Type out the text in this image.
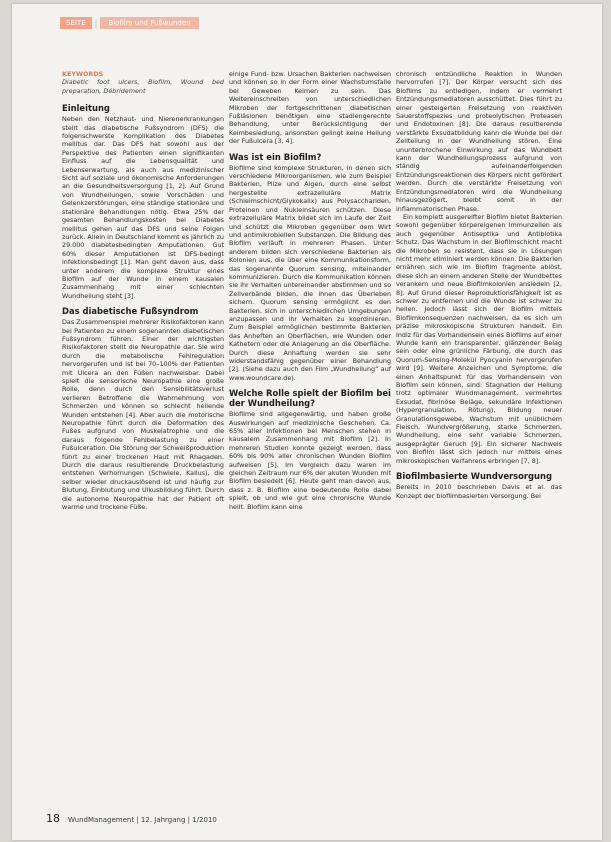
SEITE	|	Biofilm und Fußwunden
KEYWORDS
Diabetic foot ulcers, Biofilm, Wound bed preparation, Débridement
Einleitung

Neben den Netzhaut- und Nierenerkrankungen stellt das diabetische Fußsyndrom (DFS) die folgenschwerste Komplikation des Diabetes mellitus dar. Das DFS hat sowohl aus der Perspektive des Patienten einen signifikanten Einfluss auf die Lebensqualität und Lebenserwartung, als auch aus medizinischer Sicht auf soziale und ökonomische Anforderungen an die Gesundheitsversorgung [1, 2]. Auf Grund von Wundheilungen, sowie Vorschäden und Gelenkzerstörungen, eine ständige stationäre und stationäre Behandlungen nötig. Etwa 25% der gesamten Behandlungskosten bei Diabetes mellitus gehen auf das DFS und seine Folgen zurück. Allein in Deutschland kommt es jährlich zu 29.000 diabetesbedingten Amputationen. Gut 60% dieser Amputationen ist DFS-bedingt infektionsbedingt [1]. Man geht davon aus, dass unter anderem die komplexe Struktur eines Biofilm auf der Wunde in einem kausalen Zusammenhang mit einer schlechten Wundheilung steht [3].

Das diabetische Fußsyndrom

Das Zusammenspiel mehrerer Risikofaktoren kann bei Patienten zu einem sogenannten diabetischen Fußsyndrom führen. Einer der wichtigsten Risikofaktoren stellt die Neuropathie dar. Sie wird durch die metabolische Fehlregulation hervorgerufen und ist bei 70–100% der Patienten mit Ulcera an den Füßen nachweisbar. Dabei spielt die sensorische Neuropathie eine große Rolle, denn durch den Sensibilitätsverlust verlieren Betroffene die Wahrnehmung von Schmerzen und können so schlecht heilende Wunden entstehen [4]. Aber auch die motorische Neuropathie führt durch die Deformation des Fußes aufgrund von Muskelatrophie und die daraus folgende Fehlbelastung zu einer Fußulceration. Die Störung der Schweißproduktion führt zu einer trockenen Haut mit Rhagaden. Durch die daraus resultierende Druckbelastung entstehen Verhornungen (Schwiele, Kallus), die selber wieder druckauslösend ist und häufig zur Blutung, Einblutung und Ulkusbildung führt. Durch die autonome Neuropathie hat der Patient oft warme und trockene Füße.

einige Fund- bzw. Ursachen Bakterien nachweisen und können so in der Form einer Wachstumsfalle bei Geweben Keimen zu sein. Das Weitereinschreiten von unterschiedlichen Mikroben der fortgeschrittenen diabetischen Fußläsionen benötigen eine stadiengerechte Behandlung, unter Berücksichtigung der Keimbesiedlung, ansonsten gelingt keine Heilung der Fußulcera [3, 4].

Was ist ein Biofilm?

Biofilme sind komplexe Strukturen, in denen sich verschiedene Mikroorganismen, wie zum Beispiel Bakterien, Pilze und Algen, durch eine selbst hergestellte extrazelluläre Matrix (Schleimschicht/Glykokalix) aus Polysacchariden, Proteinen und Nukleinsäuren schützen. Diese extrazelluläre Matrix bildet sich im Laufe der Zeit und schützt die Mikroben gegenüber dem Wirt und antimikrobiellen Substanzen. Die Bildung des Biofilm verläuft in mehreren Phasen. Unter anderem bilden sich verschiedene Bakterien als Kolonien aus, die über eine Kommunikationsform, das sogenannte Quorum sensing, miteinander kommunizieren. Durch die Kommunikation können sie ihr Verhalten untereinander abstimmen und so Zellverbände bilden, die ihnen das Überleben sichern. Quorum sensing ermöglicht es den Bakterien, sich in unterschiedlichen Umgebungen anzupassen und ihr Verhalten zu koordinieren. Zum Beispiel ermöglichen bestimmte Bakterien das Anheften an Oberflächen, wie Wunden oder Kathetern oder die Anlagerung an die Oberfläche. Durch diese Anhaftung werden sie sehr widerstandsfähig gegenüber einer Behandlung [2]. (Siehe dazu auch den Film „Wundheilung“ auf www.woundcare.de).

Welche Rolle spielt der Biofilm bei der Wundheilung?

Biofilme sind allgegenwärtig, und haben große Auswirkungen auf medizinische Geschehen. Ca. 65% aller Infektionen bei Menschen stehen in kausalem Zusammenhang mit Biofilm [2]. In mehreren Studien konnte gezeigt werden, dass 60% bis 90% aller chronischen Wunden Biofilm aufweisen [5]. Im Vergleich dazu waren im gleichen Zeitraum nur 6% der akuten Wunden mit Biofilm besiedelt [6]. Heute geht man davon aus, dass z. B. Biofilm eine bedeutende Rolle dabei spielt, ob und wie gut eine chronische Wunde heilt. Biofilm kann eine

chronisch entzündliche Reaktion in Wunden hervorrufen [7]. Der Körper versucht sich des Biofilms zu entledigen, indem er vermehrt Entzündungsmediatoren ausschüttet. Dies führt zu einer gesteigerten Freisetzung von reaktiven Sauerstoffspezies und proteolytischen Proteasen und Endotoxinen [8]. Die daraus resultierende verstärkte Exsudatbildung kann die Wunde bei der Zellteilung in der Wundheilung stören. Eine ununterbrochene Einwirkung auf das Wundbett kann der Wundheilungsprozess aufgrund von ständig aufeinanderfolgenden Entzündungsreaktionen des Körpers nicht gefördert werden. Durch die verstärkte Freisetzung von Entzündungsmediatoren wird die Wundheilung hinausgezögert, bleibt somit in der inflammatorischen Phase.

Ein komplett ausgereifter Biofilm bietet Bakterien sowohl gegenüber körpereigenen Immunzellen als auch gegenüber Antiseptika und Antibiotika Schutz. Das Wachstum in der Biofilmschicht macht die Mikroben so resistent, dass sie in Lösungen nicht mehr eliminiert werden können. Die Bakterien ernähren sich wie im Biofilm fragmente ablöst, diese sich an einem anderen Stelle der Wundbettes verankern und neue Biofilmkolonien ansiedeln [2, 8]. Auf Grund dieser Reproduktionsfähigkeit ist es schwer zu entfernen und die Wunde ist schwer zu heilen. Jedoch lässt sich der Biofilm mittels Biofilmkonsequenzen nachweisen, da es sich um präzise mikroskopische Strukturen handelt. Ein Indiz für das Vorhandensein eines Biofilms auf einer Wunde kann ein transparenter, glänzender Belag sein oder eine grünliche Färbung, die durch das Quorum-Sensing-Molekül Pyocyanin hervorgerufen wird [9]. Weitere Anzeichen und Symptome, die einen Anhaltspunkt für das Vorhandensein von Biofilm sein können, sind: Stagnation der Heilung trotz optimaler Wundmanagement, vermehrtes Exsudat, fibrinöse Beläge, sekundäre Infektionen (Hypergranulation, Rötung), Bildung neuer Granulationsgewebe, Wachstum mit unüblichem Fleisch, Wundvergrößerung, starke Schmerzen, Wundheilung, eine sehr variable Schmerzen, ausgeprägter Geruch [9]. Ein sicherer Nachweis von Biofilm lässt sich jedoch nur mittels eines mikroskopischen Verfahrens erbringen [7, 8].

Biofilmbasierte Wundversorgung

Bereits in 2010 beschrieben Davis et al. das Konzept der biofilmbasierten Versorgung. Bei

18 WundManagement | 12. Jahrgang | 1/2010
